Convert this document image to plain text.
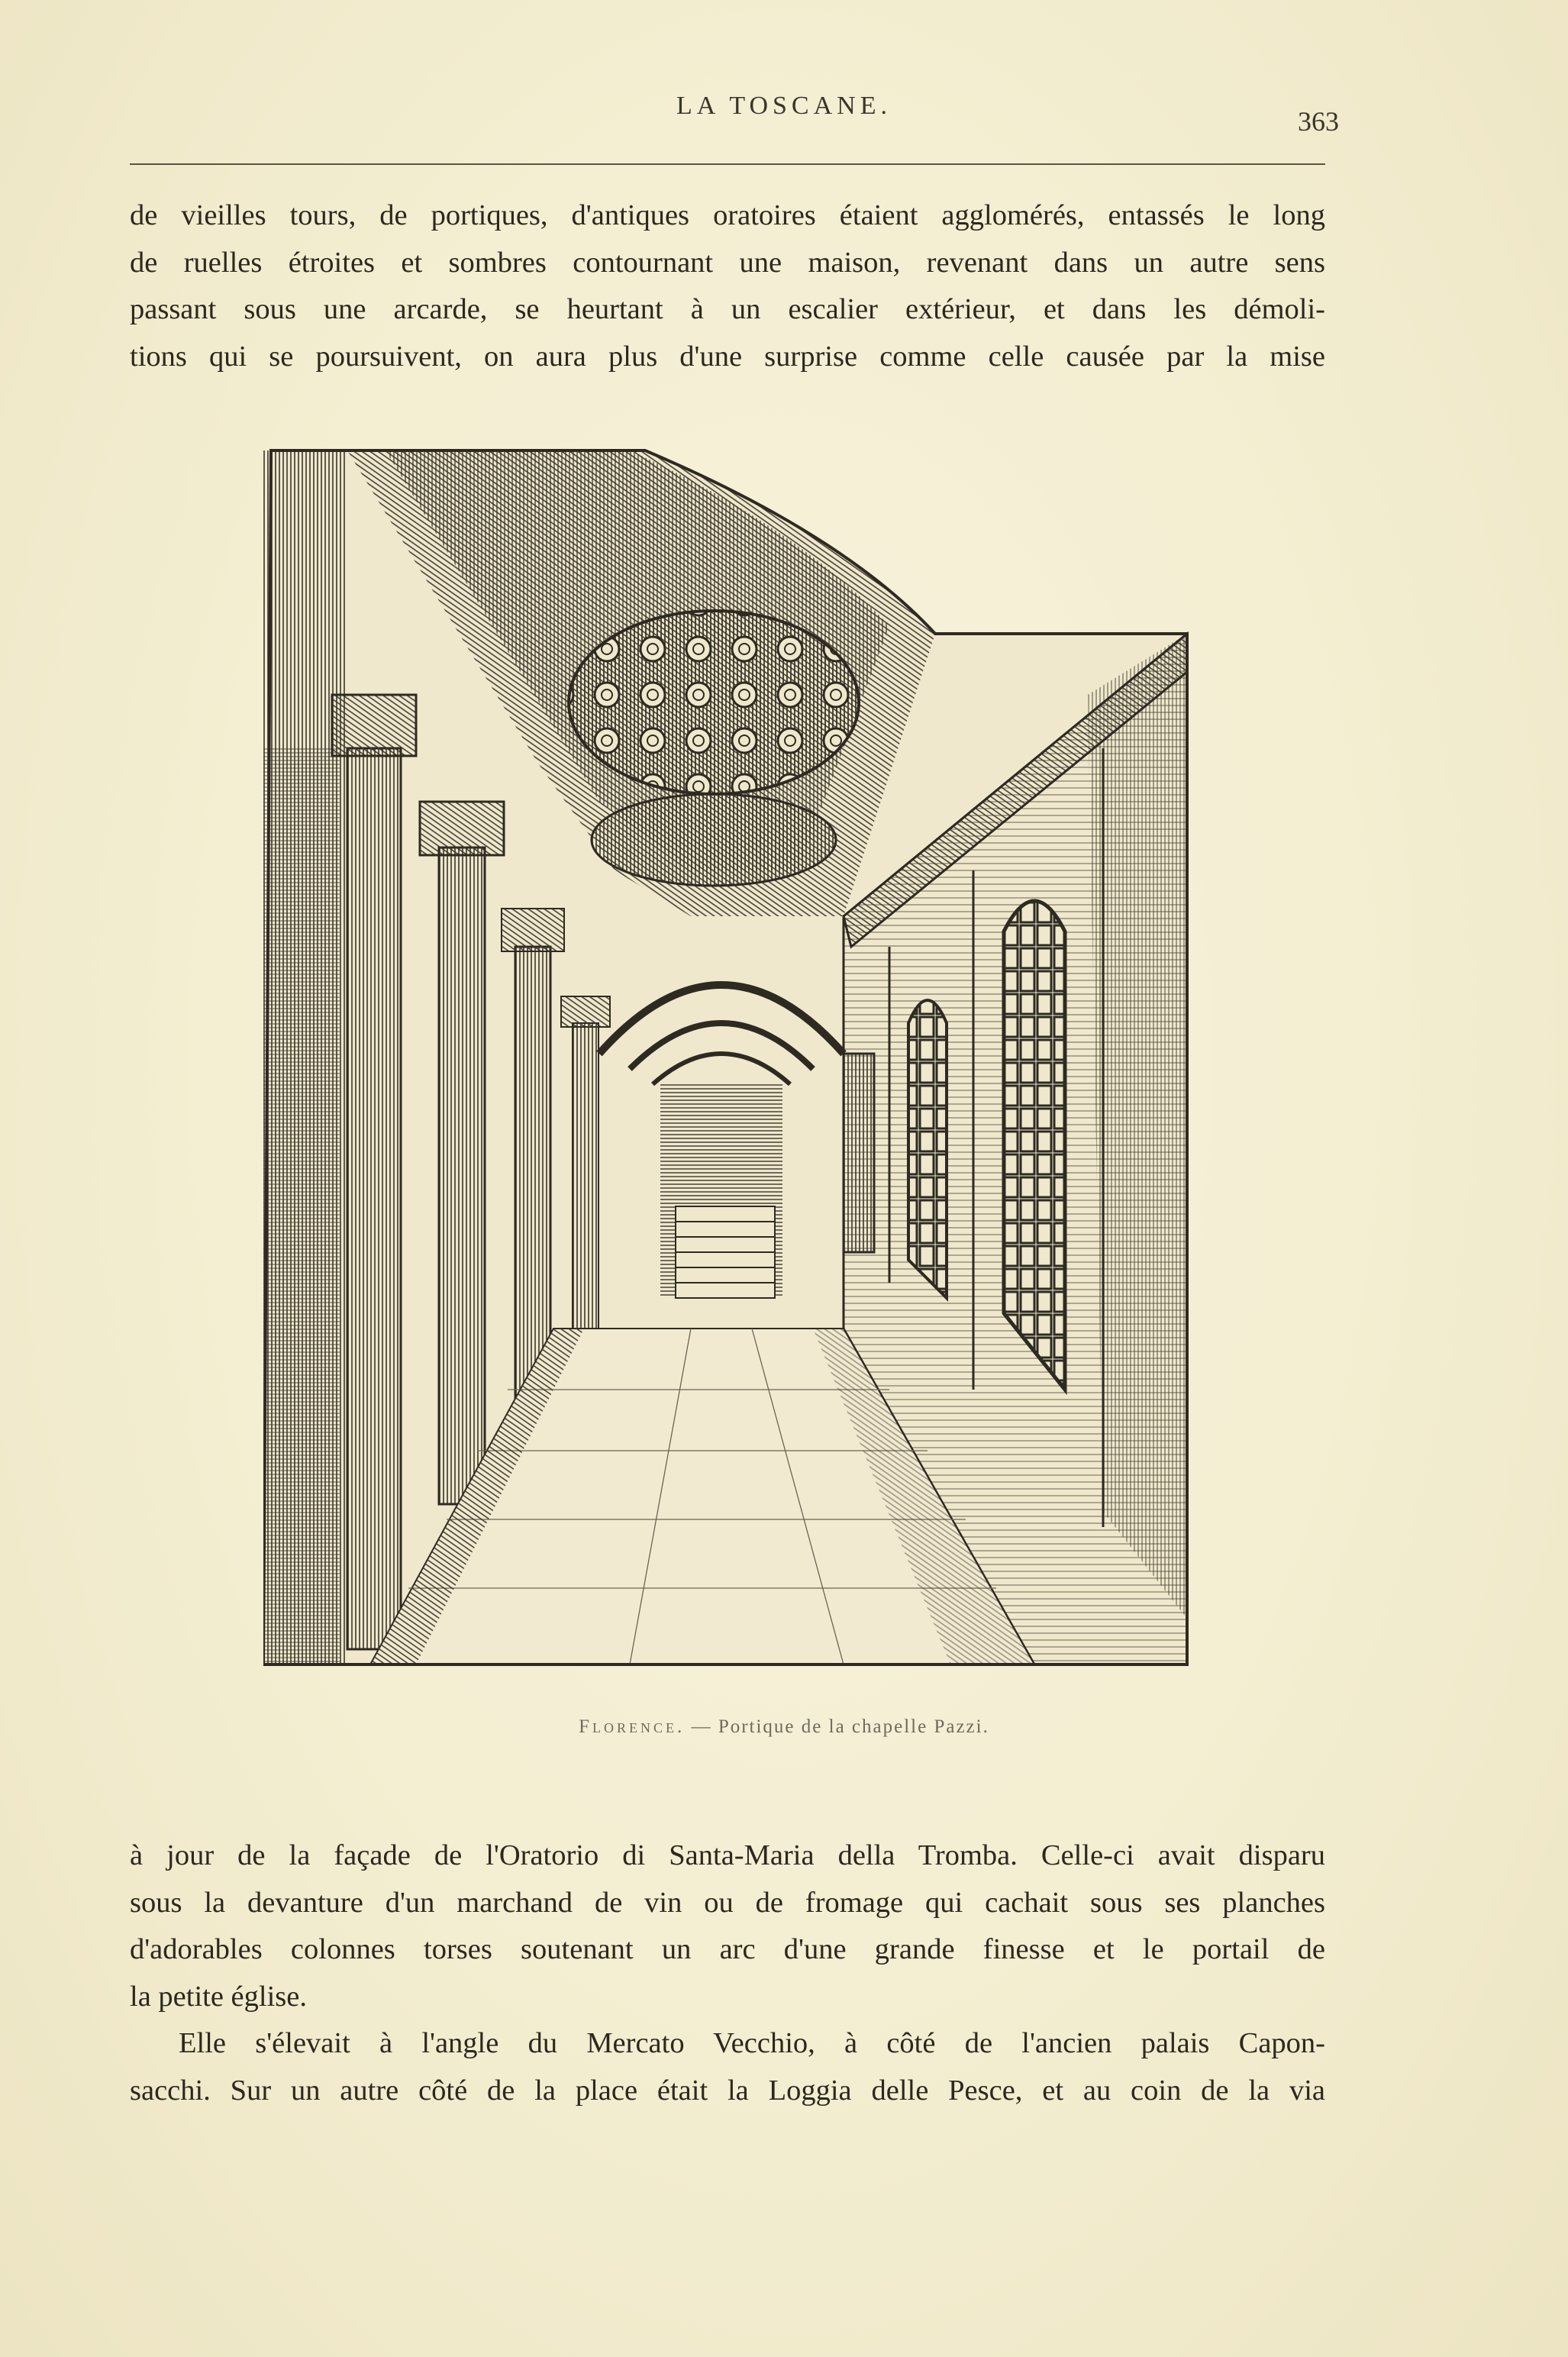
LA TOSCANE.
363
de vieilles tours, de portiques, d'antiques oratoires étaient agglomérés, entassés le long
de ruelles étroites et sombres contournant une maison, revenant dans un autre sens
passant sous une arcarde, se heurtant à un escalier extérieur, et dans les démoli-
tions qui se poursuivent, on aura plus d'une surprise comme celle causée par la mise
Florence. — Portique de la chapelle Pazzi.
à jour de la façade de l'Oratorio di Santa-Maria della Tromba. Celle-ci avait disparu
sous la devanture d'un marchand de vin ou de fromage qui cachait sous ses planches
d'adorables colonnes torses soutenant un arc d'une grande finesse et le portail de
la petite église.
Elle s'élevait à l'angle du Mercato Vecchio, à côté de l'ancien palais Capon-
sacchi. Sur un autre côté de la place était la Loggia delle Pesce, et au coin de la via
